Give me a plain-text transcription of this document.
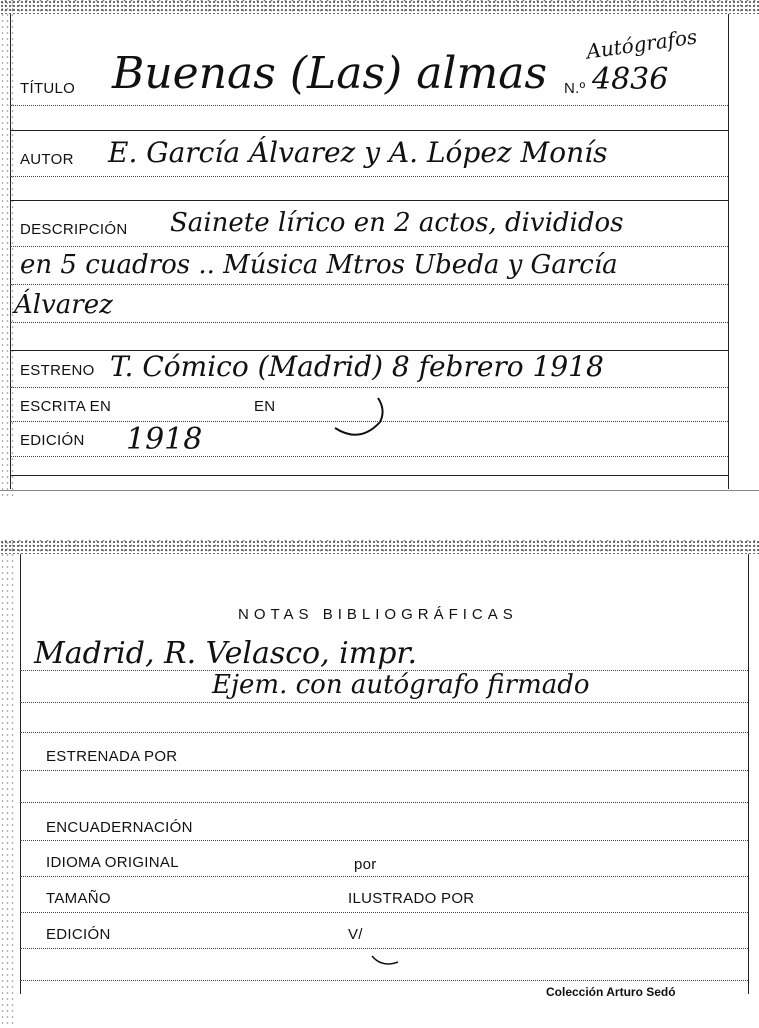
Autógrafos
TÍTULO Buenas (Las) almas N.º 4836
AUTOR E. García Álvarez y A. López Monís
DESCRIPCIÓN Sainete lírico en 2 actos, divididos
en 5 cuadros .. Música Mtros Ubeda y García
Álvarez
ESTRENO T. Cómico (Madrid) 8 febrero 1918
ESCRITA EN	EN
EDICIÓN 1918
NOTAS BIBLIOGRÁFICAS
Madrid, R. Velasco, impr.
Ejem. con autógrafo firmado
ESTRENADA POR
ENCUADERNACIÓN
IDIOMA ORIGINAL	por
TAMAÑO	ILUSTRADO POR
EDICIÓN	V/
Colección Arturo Sedó
